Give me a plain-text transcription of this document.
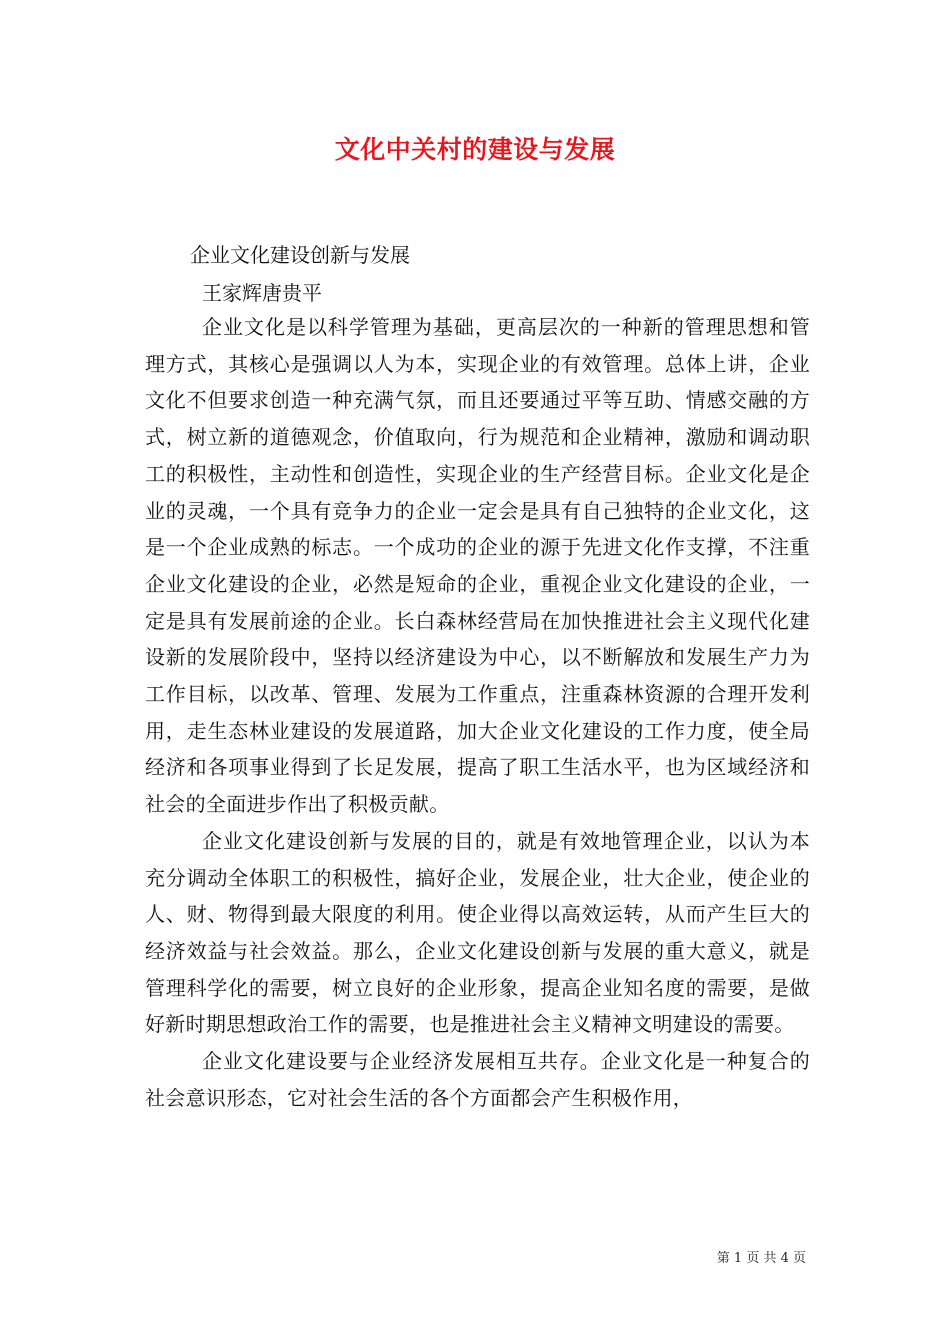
文化中关村的建设与发展
企业文化建设创新与发展
王家辉唐贵平

企业文化是以科学管理为基础，更高层次的一种新的管理思想和管理方式，其核心是强调以人为本，实现企业的有效管理。总体上讲，企业文化不但要求创造一种充满气氛，而且还要通过平等互助、情感交融的方式，树立新的道德观念，价值取向，行为规范和企业精神，激励和调动职工的积极性，主动性和创造性，实现企业的生产经营目标。企业文化是企业的灵魂，一个具有竞争力的企业一定会是具有自己独特的企业文化，这是一个企业成熟的标志。一个成功的企业的源于先进文化作支撑，不注重企业文化建设的企业，必然是短命的企业，重视企业文化建设的企业，一定是具有发展前途的企业。长白森林经营局在加快推进社会主义现代化建设新的发展阶段中，坚持以经济建设为中心，以不断解放和发展生产力为工作目标，以改革、管理、发展为工作重点，注重森林资源的合理开发利用，走生态林业建设的发展道路，加大企业文化建设的工作力度，使全局经济和各项事业得到了长足发展，提高了职工生活水平，也为区域经济和社会的全面进步作出了积极贡献。

企业文化建设创新与发展的目的，就是有效地管理企业，以认为本充分调动全体职工的积极性，搞好企业，发展企业，壮大企业，使企业的人、财、物得到最大限度的利用。使企业得以高效运转，从而产生巨大的经济效益与社会效益。那么，企业文化建设创新与发展的重大意义，就是管理科学化的需要，树立良好的企业形象，提高企业知名度的需要，是做好新时期思想政治工作的需要，也是推进社会主义精神文明建设的需要。

企业文化建设要与企业经济发展相互共存。企业文化是一种复合的社会意识形态，它对社会生活的各个方面都会产生积极作用，

第 1 页 共 4 页
